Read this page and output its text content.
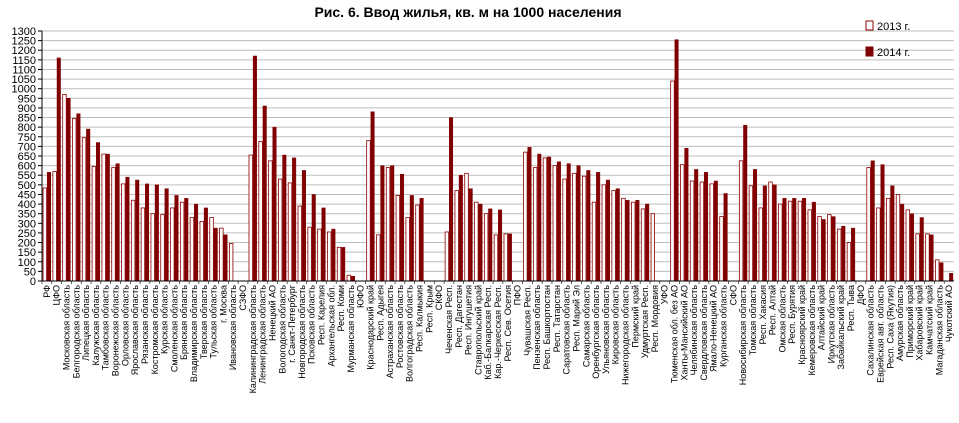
Рис. 6. Ввод жилья, кв. м на 1000 населения
0
50
100
150
200
250
300
350
400
450
500
550
600
650
700
750
800
850
900
950
1000
1050
1100
1150
1200
1250
1300
РФ ЦФО Московская область Белгородская область Липецкая область Калужская область Тамбовская область Воронежская область Орловская область Ярославская область Рязанская область Костромская область Курская область Смоленская область Брянская область Владимирская область Тверская область Тульская область г. Москва Ивановская область СЗФО Калининградская область Ленинградская область Ненецкий АО Вологодская область г. Санкт-Петербург Новгородская область Псковская область Респ. Карелия Архангельская обл. Респ. Коми Мурманская область ЮФО Краснодарский край Респ. Адыгея Астраханская область Ростовская область Волгоградская область Респ. Калмыкия Респ. Крым СКФО Чеченская Респ. Респ. Дагестан Респ. Ингушетия Ставропольский край Каб.-Балкарская Респ. Кар.-Черкесская Респ. Респ. Сев. Осетия ПФО Чувашская Респ. Пензенская область Респ. Башкортостан Респ. Татарстан Саратовская область Респ. Марий Эл Самарская область Оренбургская область Ульяновская область Кировская область Нижегородская область Пермский край Удмуртская Респ. Респ. Мордовия УФО Тюменская обл. без АО Ханты-Мансийский АО Челябинская область Свердловская область Ямало-Ненецкий АО Курганская область СФО Новосибирская область Томская область Респ. Хакасия Респ. Алтай Омская область Респ. Бурятия Красноярский край Кемеровская область Алтайский край Иркутская область Забайкальский край Респ. Тыва ДФО Сахалинская область Еврейская авт. область Респ. Саха (Якутия) Амурская область Приморский край Хабаровский край Камчатский край Магаданская область Чукотский АО
2013 г.
2014 г.
